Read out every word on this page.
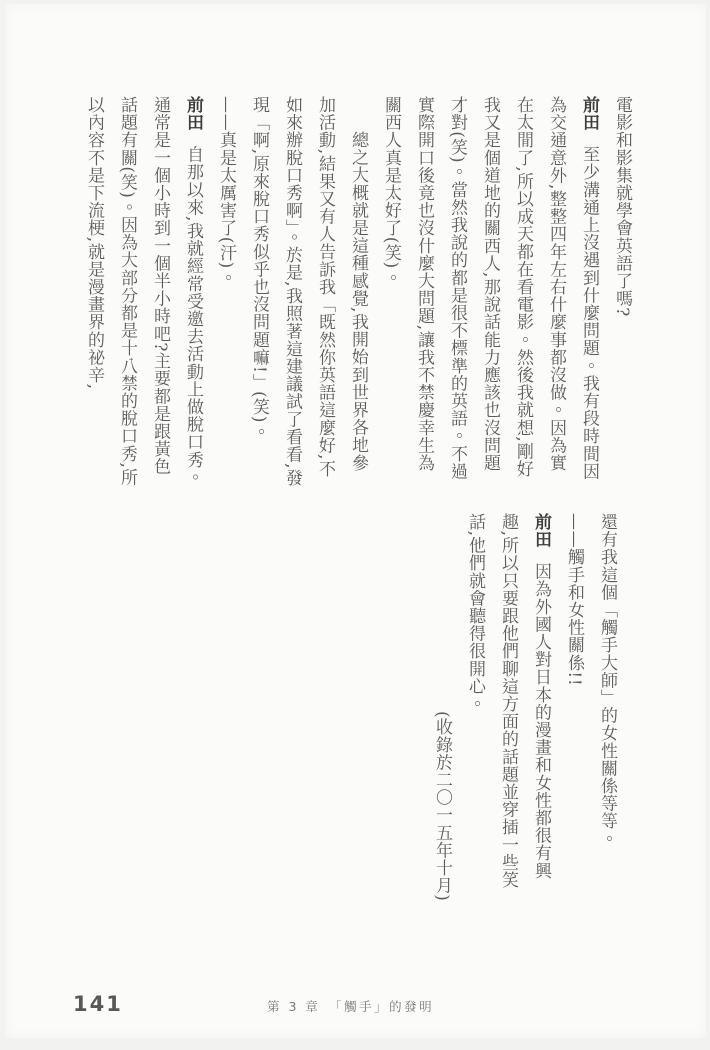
電影和影集就學會英語了嗎?

前田至少溝通上沒遇到什麼問題。我有段時間因為交通意外,整整四年左右什麼事都沒做。因為實在太閒了,所以成天都在看電影。然後我就想,剛好我又是個道地的關西人,那說話能力應該也沒問題才對(笑)。當然我說的都是很不標準的英語。不過實際開口後竟也沒什麼大問題,讓我不禁慶幸生為關西人真是太好了(笑)。

總之大概就是這種感覺,我開始到世界各地參加活動,結果又有人告訴我「既然你英語這麼好,不如來辦脫口秀啊」。於是,我照著這建議試了看看,發現「啊,原來脫口秀似乎也沒問題嘛!」(笑)。

——真是太厲害了(汗)。

前田自那以來,我就經常受邀去活動上做脫口秀。通常是一個小時到一個半小時吧?主要都是跟黃色話題有關(笑)。因為大部分都是十八禁的脫口秀,所以內容不是下流梗,就是漫畫界的祕辛,

還有我這個「觸手大師」的女性關係等等。

——觸手和女性關係!!

前田因為外國人對日本的漫畫和女性都很有興趣,所以只要跟他們聊這方面的話題並穿插一些笑話,他們就會聽得很開心。

(收錄於二〇一五年十月)

141	第 3 章　「觸手」的發明
